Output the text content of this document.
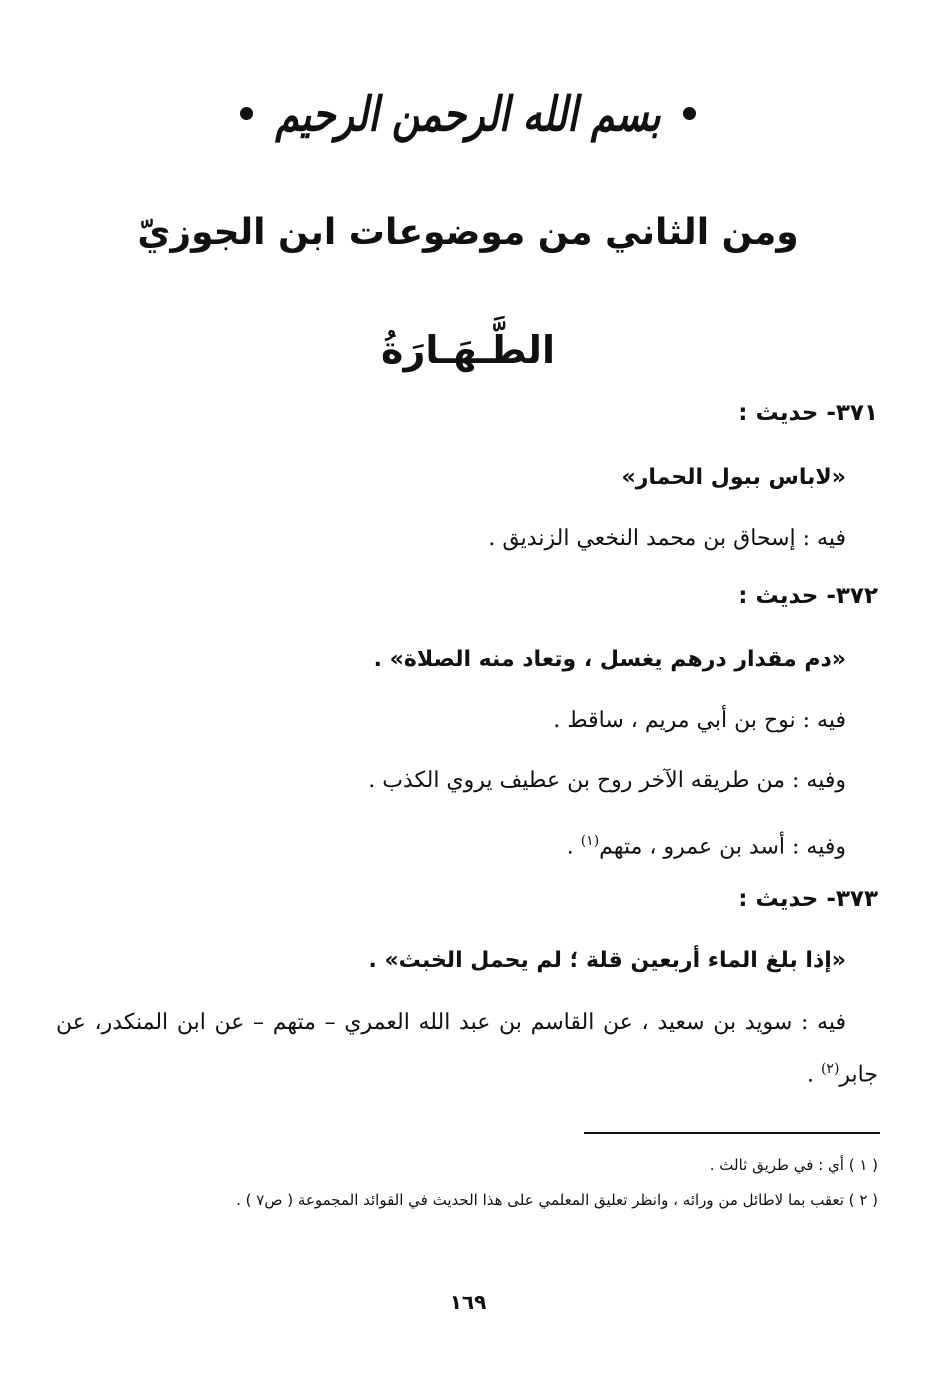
بسم الله الرحمن الرحيم
ومن الثاني من موضوعات ابن الجوزيّ
الطَّـهَـارَةُ
٣٧١- حديث :
«لاباس ببول الحمار»
فيه : إسحاق بن محمد النخعي الزنديق .
٣٧٢- حديث :
«دم مقدار درهم يغسل ، وتعاد منه الصلاة» .
فيه : نوح بن أبي مريم ، ساقط .
وفيه : من طريقه الآخر روح بن عطيف يروي الكذب .
وفيه : أسد بن عمرو ، متهم$^{(١)}$ .
٣٧٣- حديث :
«إذا بلغ الماء أربعين قلة ؛ لم يحمل الخبث» .
فيه : سويد بن سعيد ، عن القاسم بن عبد الله العمري – متهم – عن ابن المنكدر، عن جابر$^{(٢)}$ .
( ١ ) أي : في طريق ثالث .
( ٢ ) تعقب بما لاطائل من ورائه ، وانظر تعليق المعلمي على هذا الحديث في القوائد المجموعة ( ص٧ ) .
١٦٩
